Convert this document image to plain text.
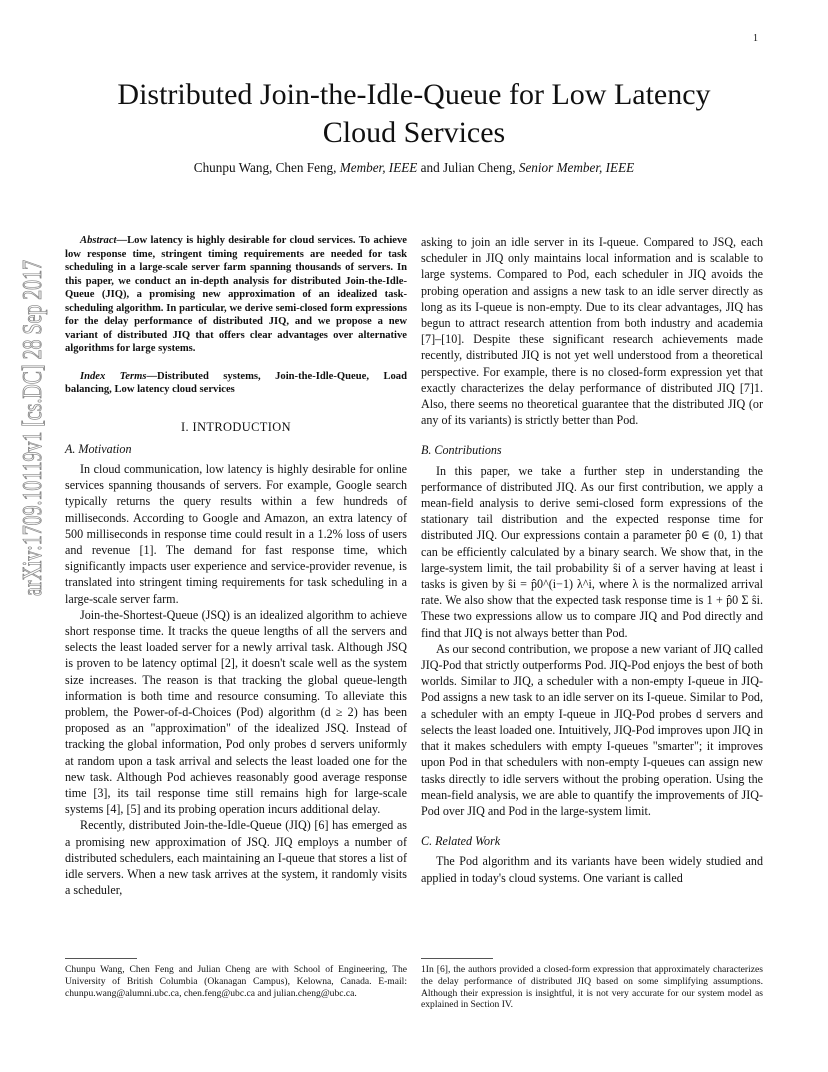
1
arXiv:1709.10119v1 [cs.DC] 28 Sep 2017
Distributed Join-the-Idle-Queue for Low Latency
Cloud Services
Chunpu Wang, Chen Feng, Member, IEEE and Julian Cheng, Senior Member, IEEE
Abstract—Low latency is highly desirable for cloud services. To achieve low response time, stringent timing requirements are needed for task scheduling in a large-scale server farm spanning thousands of servers. In this paper, we conduct an in-depth analysis for distributed Join-the-Idle-Queue (JIQ), a promising new approximation of an idealized task-scheduling algorithm. In particular, we derive semi-closed form expressions for the delay performance of distributed JIQ, and we propose a new variant of distributed JIQ that offers clear advantages over alternative algorithms for large systems.
Index Terms—Distributed systems, Join-the-Idle-Queue, Load balancing, Low latency cloud services
I. INTRODUCTION
A. Motivation

In cloud communication, low latency is highly desirable for online services spanning thousands of servers. For example, Google search typically returns the query results within a few hundreds of milliseconds. According to Google and Amazon, an extra latency of 500 milliseconds in response time could result in a 1.2% loss of users and revenue [1]. The demand for fast response time, which significantly impacts user experience and service-provider revenue, is translated into stringent timing requirements for task scheduling in a large-scale server farm.

Join-the-Shortest-Queue (JSQ) is an idealized algorithm to achieve short response time. It tracks the queue lengths of all the servers and selects the least loaded server for a newly arrival task. Although JSQ is proven to be latency optimal [2], it doesn't scale well as the system size increases. The reason is that tracking the global queue-length information is both time and resource consuming. To alleviate this problem, the Power-of-d-Choices (Pod) algorithm (d ≥ 2) has been proposed as an "approximation" of the idealized JSQ. Instead of tracking the global information, Pod only probes d servers uniformly at random upon a task arrival and selects the least loaded one for the new task. Although Pod achieves reasonably good average response time [3], its tail response time still remains high for large-scale systems [4], [5] and its probing operation incurs additional delay.

Recently, distributed Join-the-Idle-Queue (JIQ) [6] has emerged as a promising new approximation of JSQ. JIQ employs a number of distributed schedulers, each maintaining an I-queue that stores a list of idle servers. When a new task arrives at the system, it randomly visits a scheduler,

asking to join an idle server in its I-queue. Compared to JSQ, each scheduler in JIQ only maintains local information and is scalable to large systems. Compared to Pod, each scheduler in JIQ avoids the probing operation and assigns a new task to an idle server directly as long as its I-queue is non-empty. Due to its clear advantages, JIQ has begun to attract research attention from both industry and academia [7]–[10]. Despite these significant research achievements made recently, distributed JIQ is not yet well understood from a theoretical perspective. For example, there is no closed-form expression yet that exactly characterizes the delay performance of distributed JIQ [7]1. Also, there seems no theoretical guarantee that the distributed JIQ (or any of its variants) is strictly better than Pod.

B. Contributions

In this paper, we take a further step in understanding the performance of distributed JIQ. As our first contribution, we apply a mean-field analysis to derive semi-closed form expressions of the stationary tail distribution and the expected response time for distributed JIQ. Our expressions contain a parameter p̂0 ∈ (0, 1) that can be efficiently calculated by a binary search. We show that, in the large-system limit, the tail probability ŝi of a server having at least i tasks is given by ŝi = p̂0^(i−1) λ^i, where λ is the normalized arrival rate. We also show that the expected task response time is 1 + p̂0 Σ ŝi. These two expressions allow us to compare JIQ and Pod directly and find that JIQ is not always better than Pod.

As our second contribution, we propose a new variant of JIQ called JIQ-Pod that strictly outperforms Pod. JIQ-Pod enjoys the best of both worlds. Similar to JIQ, a scheduler with a non-empty I-queue in JIQ-Pod assigns a new task to an idle server on its I-queue. Similar to Pod, a scheduler with an empty I-queue in JIQ-Pod probes d servers and selects the least loaded one. Intuitively, JIQ-Pod improves upon JIQ in that it makes schedulers with empty I-queues "smarter"; it improves upon Pod in that schedulers with non-empty I-queues can assign new tasks directly to idle servers without the probing operation. Using the mean-field analysis, we are able to quantify the improvements of JIQ-Pod over JIQ and Pod in the large-system limit.

C. Related Work

The Pod algorithm and its variants have been widely studied and applied in today's cloud systems. One variant is called

Chunpu Wang, Chen Feng and Julian Cheng are with School of Engineering, The University of British Columbia (Okanagan Campus), Kelowna, Canada. E-mail: chunpu.wang@alumni.ubc.ca, chen.feng@ubc.ca and julian.cheng@ubc.ca.
1In [6], the authors provided a closed-form expression that approximately characterizes the delay performance of distributed JIQ based on some simplifying assumptions. Although their expression is insightful, it is not very accurate for our system model as explained in Section IV.
